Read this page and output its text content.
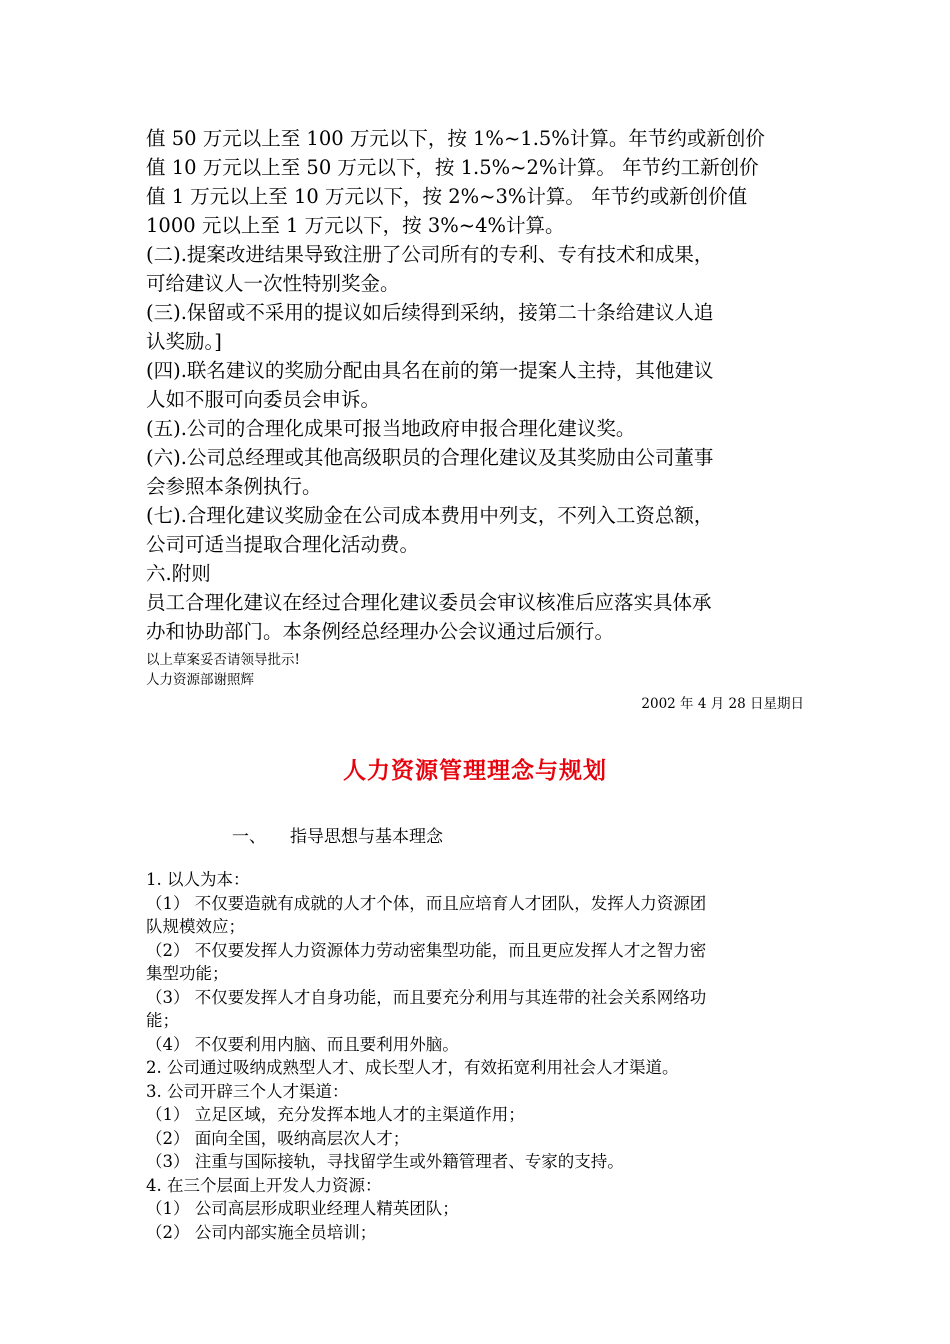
值 50 万元以上至 100 万元以下，按 1%~1.5%计算。年节约或新创价
值 10 万元以上至 50 万元以下，按 1.5%~2%计算。 年节约工新创价
值 1 万元以上至 10 万元以下，按 2%~3%计算。 年节约或新创价值
1000 元以上至 1 万元以下，按 3%~4%计算。
(二).提案改进结果导致注册了公司所有的专利、专有技术和成果，
可给建议人一次性特别奖金。
(三).保留或不采用的提议如后续得到采纳，接第二十条给建议人追
认奖励。]
(四).联名建议的奖励分配由具名在前的第一提案人主持，其他建议
人如不服可向委员会申诉。
(五).公司的合理化成果可报当地政府申报合理化建议奖。
(六).公司总经理或其他高级职员的合理化建议及其奖励由公司董事
会参照本条例执行。
(七).合理化建议奖励金在公司成本费用中列支，不列入工资总额，
公司可适当提取合理化活动费。
六.附则
员工合理化建议在经过合理化建议委员会审议核准后应落实具体承
办和协助部门。本条例经总经理办公会议通过后颁行。
以上草案妥否请领导批示!
人力资源部谢照辉
2002 年 4 月 28 日星期日
人力资源管理理念与规划
一、 指导思想与基本理念
1. 以人为本：
（1） 不仅要造就有成就的人才个体，而且应培育人才团队，发挥人力资源团
队规模效应；
（2） 不仅要发挥人力资源体力劳动密集型功能，而且更应发挥人才之智力密
集型功能；
（3） 不仅要发挥人才自身功能，而且要充分利用与其连带的社会关系网络功
能；
（4） 不仅要利用内脑、而且要利用外脑。
2. 公司通过吸纳成熟型人才、成长型人才，有效拓宽利用社会人才渠道。
3. 公司开辟三个人才渠道：
（1） 立足区域，充分发挥本地人才的主渠道作用；
（2） 面向全国，吸纳高层次人才；
（3） 注重与国际接轨，寻找留学生或外籍管理者、专家的支持。
4. 在三个层面上开发人力资源：
（1） 公司高层形成职业经理人精英团队；
（2） 公司内部实施全员培训；
